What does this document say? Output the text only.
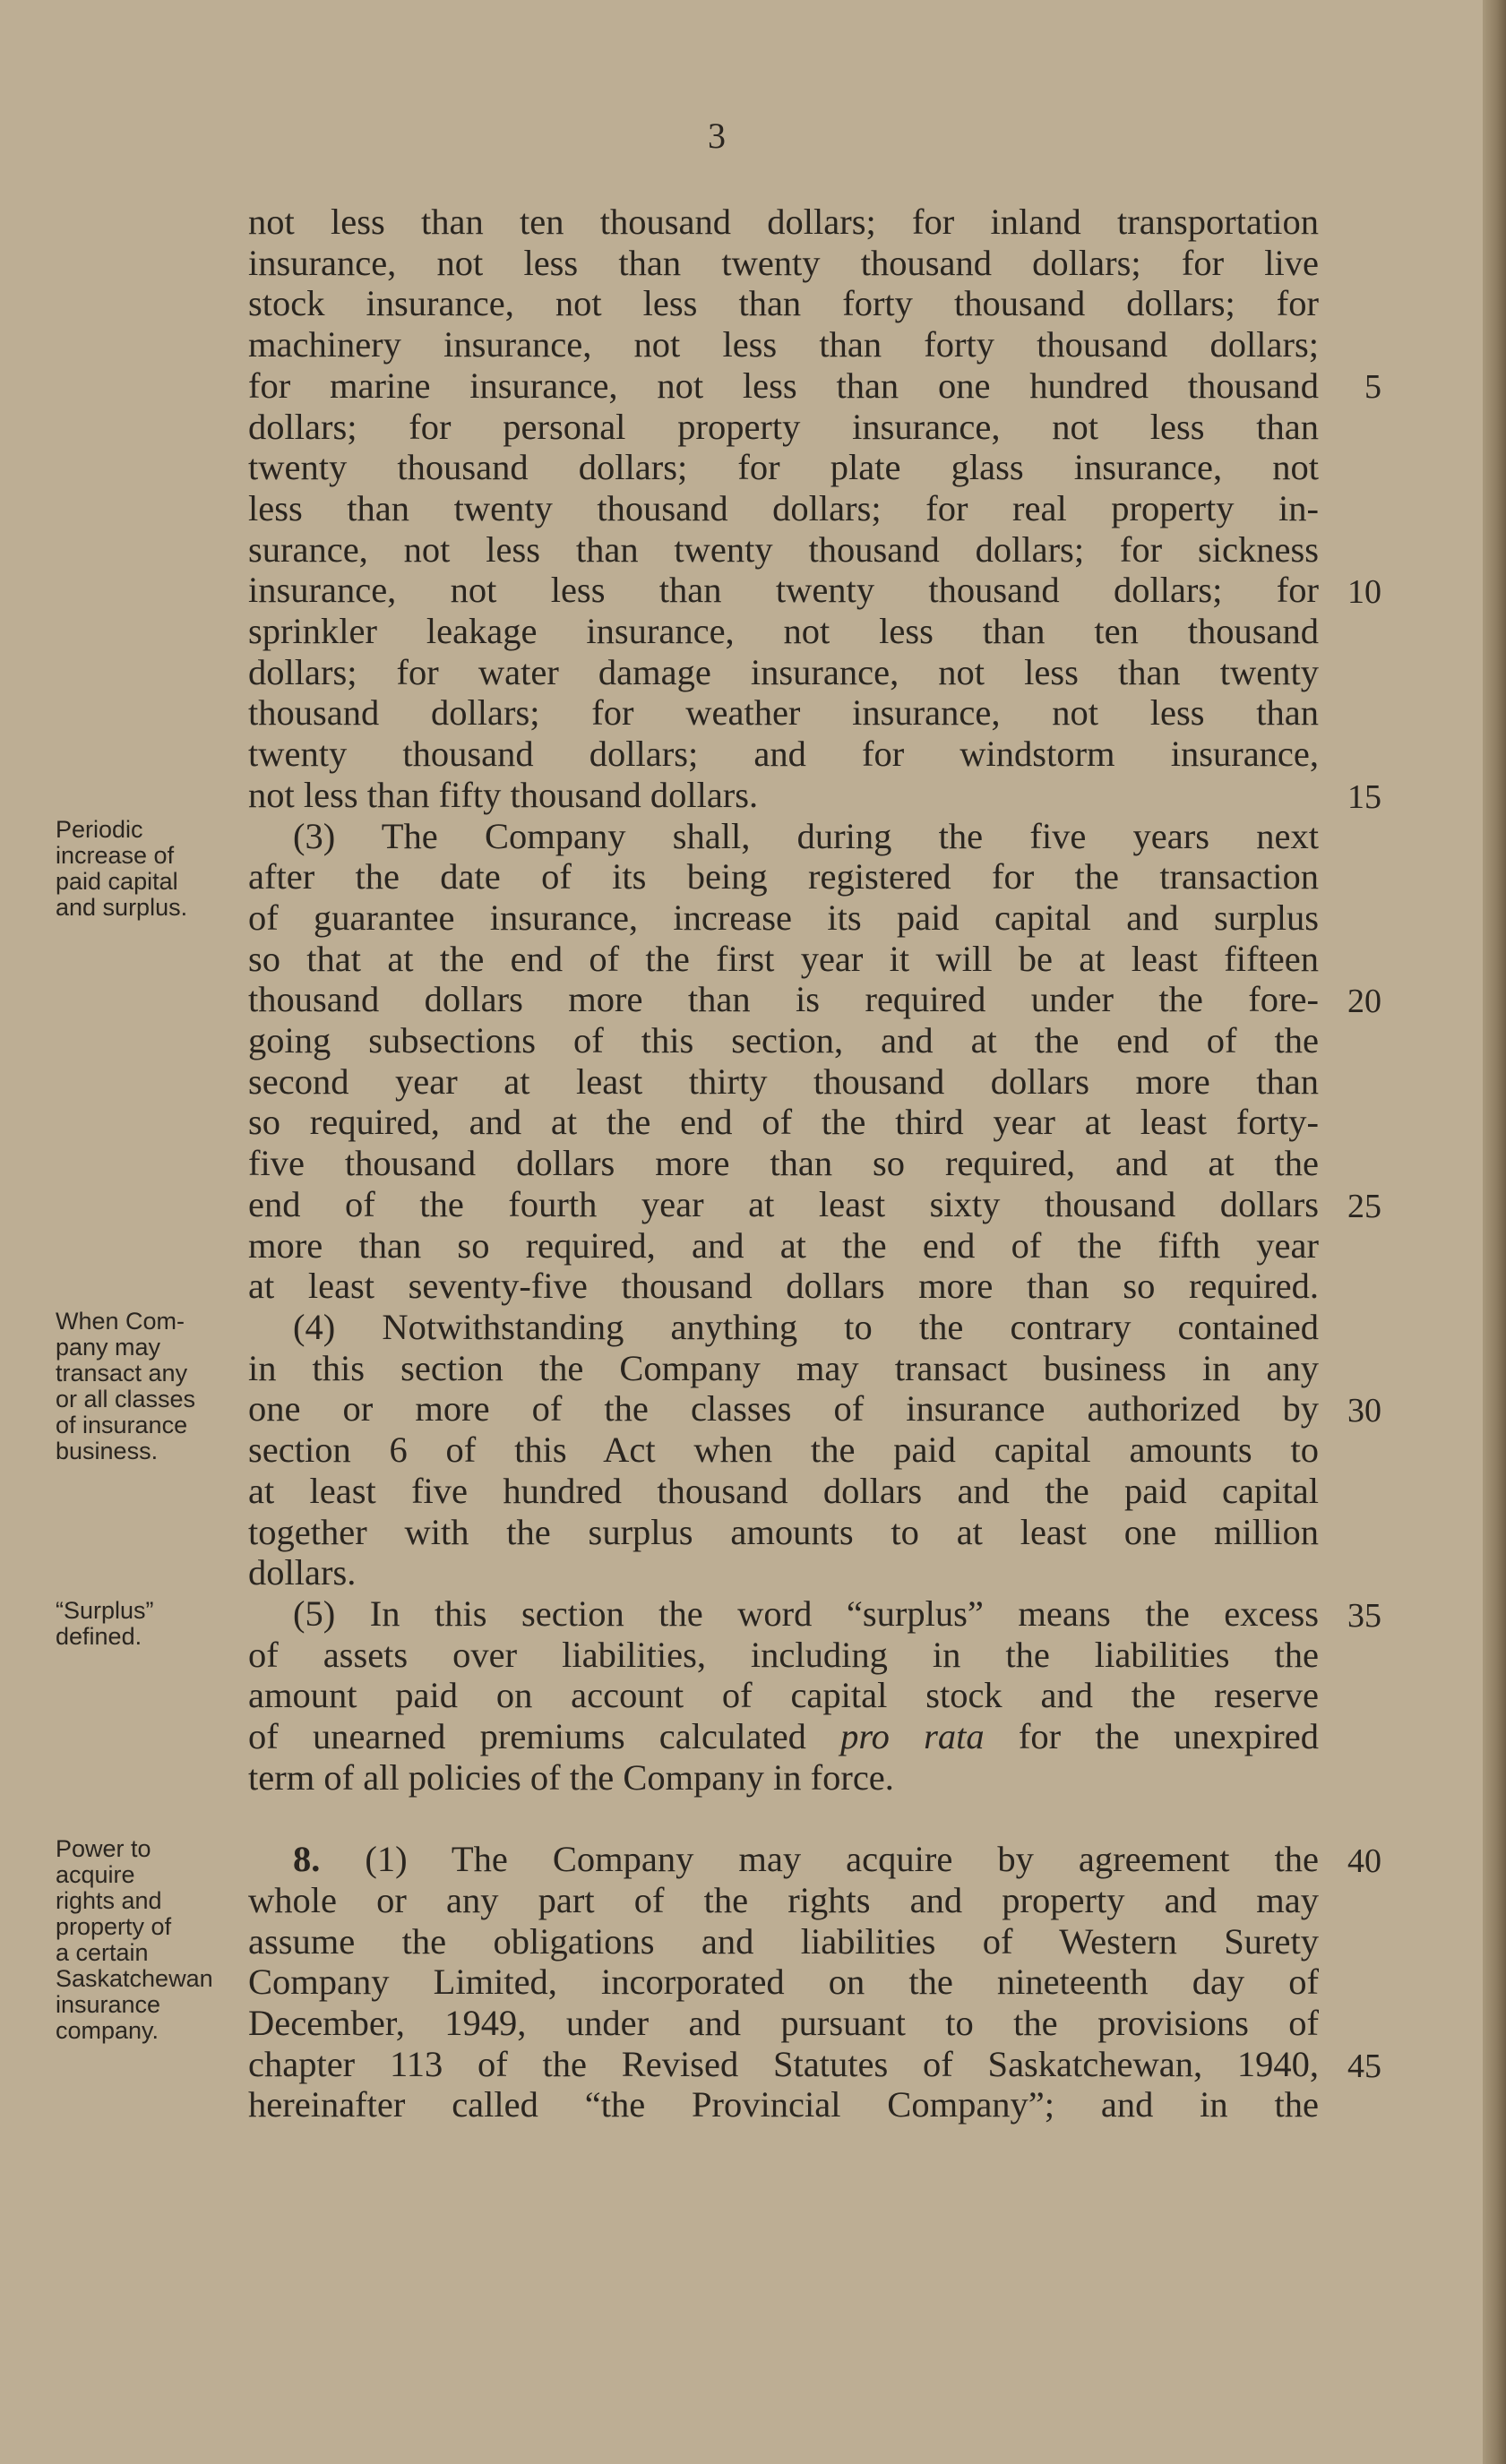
3
not less than ten thousand dollars; for inland transportation
insurance, not less than twenty thousand dollars; for live
stock insurance, not less than forty thousand dollars; for
machinery insurance, not less than forty thousand dollars;
for marine insurance, not less than one hundred thousand
dollars; for personal property insurance, not less than
twenty thousand dollars; for plate glass insurance, not
less than twenty thousand dollars; for real property in-
surance, not less than twenty thousand dollars; for sickness
insurance, not less than twenty thousand dollars; for
sprinkler leakage insurance, not less than ten thousand
dollars; for water damage insurance, not less than twenty
thousand dollars; for weather insurance, not less than
twenty thousand dollars; and for windstorm insurance,
not less than fifty thousand dollars.
(3) The Company shall, during the five years next
after the date of its being registered for the transaction
of guarantee insurance, increase its paid capital and surplus
so that at the end of the first year it will be at least fifteen
thousand dollars more than is required under the fore-
going subsections of this section, and at the end of the
second year at least thirty thousand dollars more than
so required, and at the end of the third year at least forty-
five thousand dollars more than so required, and at the
end of the fourth year at least sixty thousand dollars
more than so required, and at the end of the fifth year
at least seventy-five thousand dollars more than so required.
(4) Notwithstanding anything to the contrary contained
in this section the Company may transact business in any
one or more of the classes of insurance authorized by
section 6 of this Act when the paid capital amounts to
at least five hundred thousand dollars and the paid capital
together with the surplus amounts to at least one million
dollars.
(5) In this section the word “surplus” means the excess
of assets over liabilities, including in the liabilities the
amount paid on account of capital stock and the reserve
of unearned premiums calculated pro rata for the unexpired
term of all policies of the Company in force.
8. (1) The Company may acquire by agreement the
whole or any part of the rights and property and may
assume the obligations and liabilities of Western Surety
Company Limited, incorporated on the nineteenth day of
December, 1949, under and pursuant to the provisions of
chapter 113 of the Revised Statutes of Saskatchewan, 1940,
hereinafter called “the Provincial Company”; and in the
5
10
15
20
25
30
35
40
45
Periodic
increase of
paid capital
and surplus.
When Com-
pany may
transact any
or all classes
of insurance
business.
“Surplus”
defined.
Power to
acquire
rights and
property of
a certain
Saskatchewan
insurance
company.
